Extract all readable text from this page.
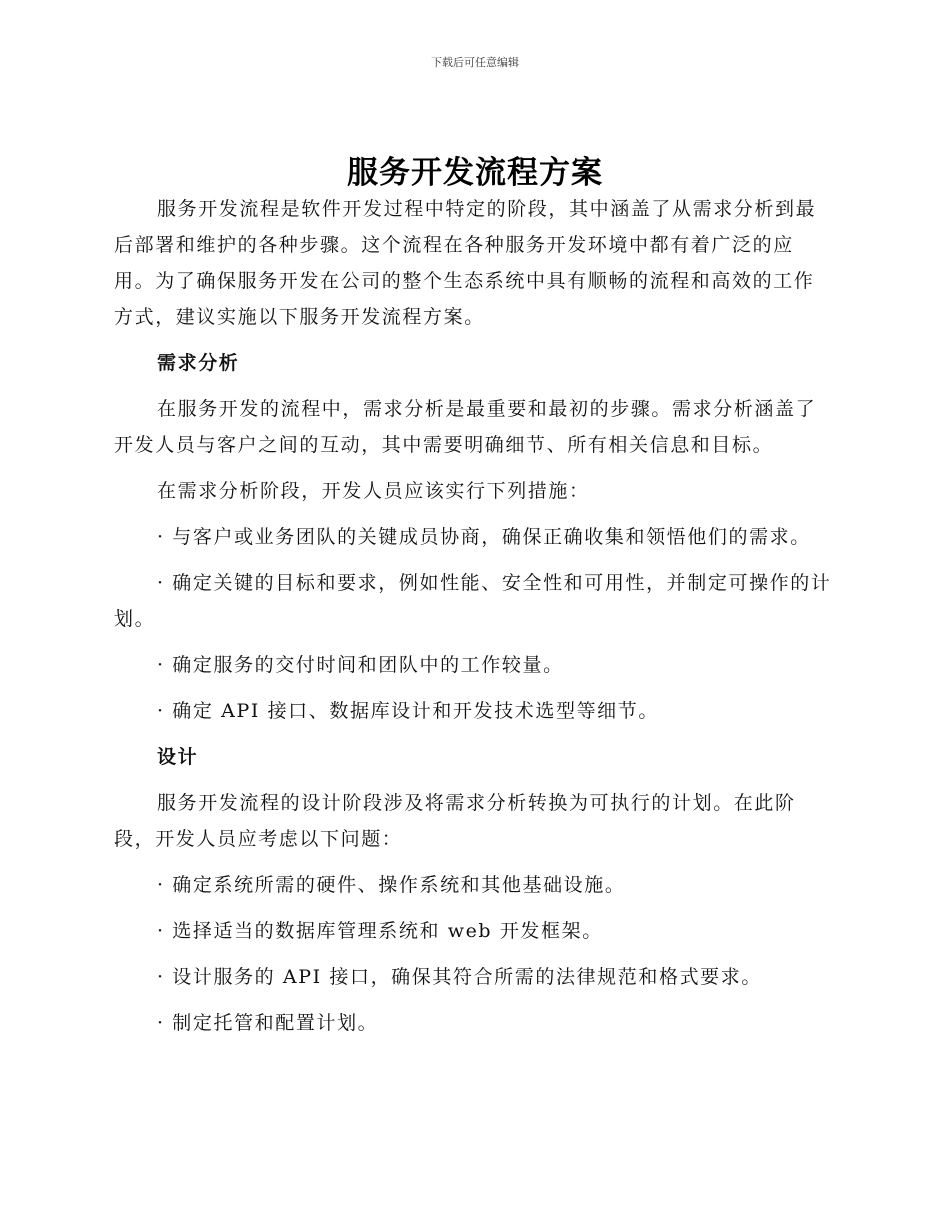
下载后可任意编辑
服务开发流程方案

服务开发流程是软件开发过程中特定的阶段，其中涵盖了从需求分析到最后部署和维护的各种步骤。这个流程在各种服务开发环境中都有着广泛的应用。为了确保服务开发在公司的整个生态系统中具有顺畅的流程和高效的工作方式，建议实施以下服务开发流程方案。

需求分析

在服务开发的流程中，需求分析是最重要和最初的步骤。需求分析涵盖了开发人员与客户之间的互动，其中需要明确细节、所有相关信息和目标。

在需求分析阶段，开发人员应该实行下列措施：

· 与客户或业务团队的关键成员协商，确保正确收集和领悟他们的需求。

· 确定关键的目标和要求，例如性能、安全性和可用性，并制定可操作的计划。

· 确定服务的交付时间和团队中的工作较量。

· 确定 API 接口、数据库设计和开发技术选型等细节。

设计

服务开发流程的设计阶段涉及将需求分析转换为可执行的计划。在此阶段，开发人员应考虑以下问题：

· 确定系统所需的硬件、操作系统和其他基础设施。

· 选择适当的数据库管理系统和 web 开发框架。

· 设计服务的 API 接口，确保其符合所需的法律规范和格式要求。

· 制定托管和配置计划。
